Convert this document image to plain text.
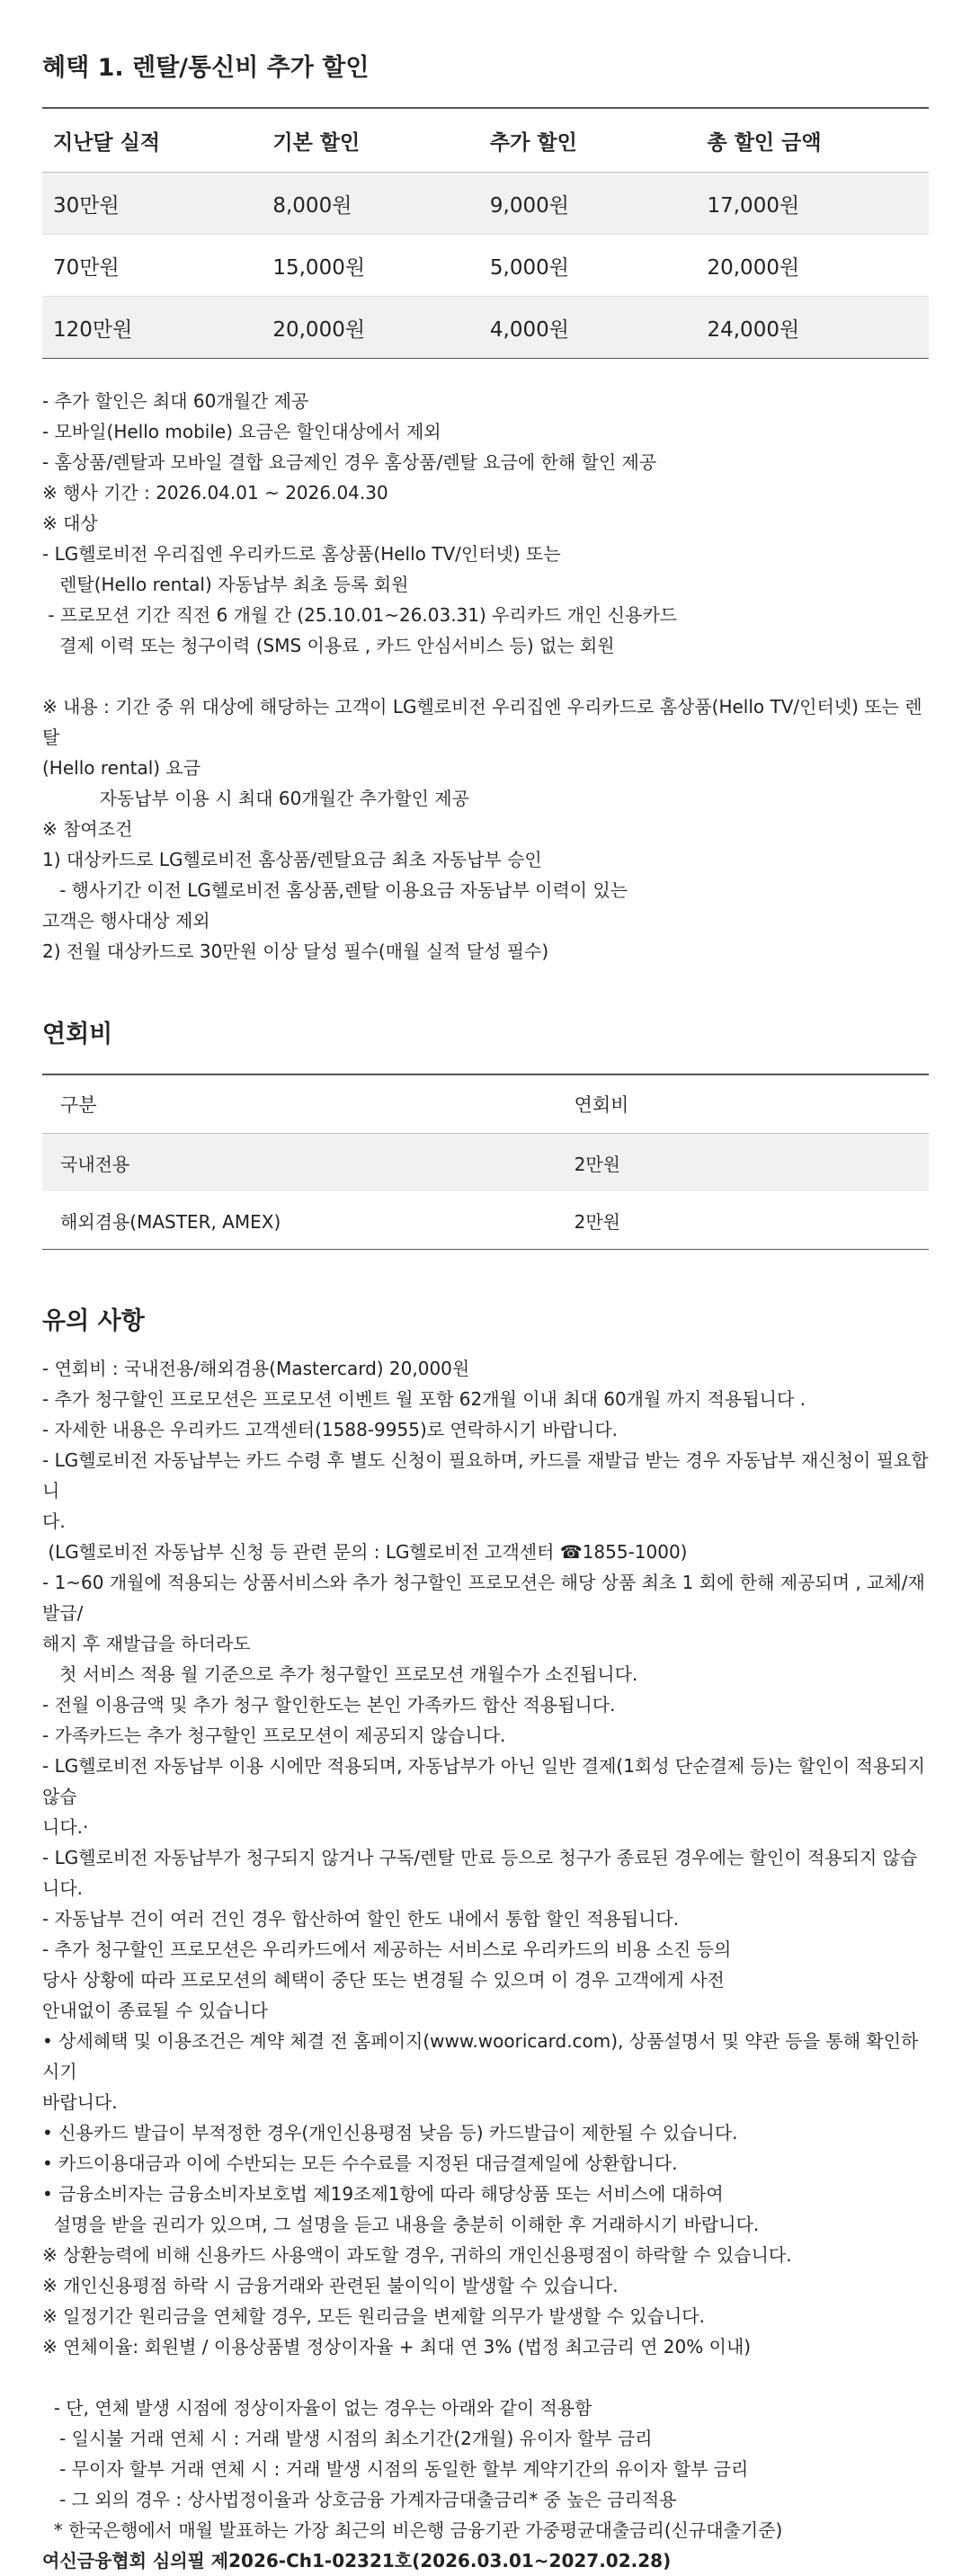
혜택 1. 렌탈/통신비 추가 할인
지난달 실적	기본 할인	추가 할인	총 할인 금액
30만원	8,000원	9,000원	17,000원
70만원	15,000원	5,000원	20,000원
120만원	20,000원	4,000원	24,000원

- 추가 할인은 최대 60개월간 제공

- 모바일(Hello mobile) 요금은 할인대상에서 제외

- 홈상품/렌탈과 모바일 결합 요금제인 경우 홈상품/렌탈 요금에 한해 할인 제공

※ 행사 기간 : 2026.04.01 ~ 2026.04.30

※ 대상

- LG헬로비전 우리집엔 우리카드로 홈상품(Hello TV/인터넷) 또는

렌탈(Hello rental) 자동납부 최초 등록 회원

- 프로모션 기간 직전 6 개월 간 (25.10.01~26.03.31) 우리카드 개인 신용카드

결제 이력 또는 청구이력 (SMS 이용료 , 카드 안심서비스 등) 없는 회원

※ 내용 : 기간 중 위 대상에 해당하는 고객이 LG헬로비전 우리집엔 우리카드로 홈상품(Hello TV/인터넷) 또는 렌탈

(Hello rental) 요금

자동납부 이용 시 최대 60개월간 추가할인 제공

※ 참여조건

1) 대상카드로 LG헬로비전 홈상품/렌탈요금 최초 자동납부 승인

- 행사기간 이전 LG헬로비전 홈상품,렌탈 이용요금 자동납부 이력이 있는

고객은 행사대상 제외

2) 전월 대상카드로 30만원 이상 달성 필수(매월 실적 달성 필수)

연회비
구분	연회비
국내전용	2만원
해외겸용(MASTER, AMEX)	2만원
유의 사항

- 연회비 : 국내전용/해외겸용(Mastercard) 20,000원

- 추가 청구할인 프로모션은 프로모션 이벤트 월 포함 62개월 이내 최대 60개월 까지 적용됩니다 .

- 자세한 내용은 우리카드 고객센터(1588-9955)로 연락하시기 바랍니다.

- LG헬로비전 자동납부는 카드 수령 후 별도 신청이 필요하며, 카드를 재발급 받는 경우 자동납부 재신청이 필요합니

다.

(LG헬로비전 자동납부 신청 등 관련 문의 : LG헬로비전 고객센터 ☎1855-1000)

- 1~60 개월에 적용되는 상품서비스와 추가 청구할인 프로모션은 해당 상품 최초 1 회에 한해 제공되며 , 교체/재발급/

해지 후 재발급을 하더라도

첫 서비스 적용 월 기준으로 추가 청구할인 프로모션 개월수가 소진됩니다.

- 전월 이용금액 및 추가 청구 할인한도는 본인 가족카드 합산 적용됩니다.

- 가족카드는 추가 청구할인 프로모션이 제공되지 않습니다.

- LG헬로비전 자동납부 이용 시에만 적용되며, 자동납부가 아닌 일반 결제(1회성 단순결제 등)는 할인이 적용되지 않습

니다.·

- LG헬로비전 자동납부가 청구되지 않거나 구독/렌탈 만료 등으로 청구가 종료된 경우에는 할인이 적용되지 않습니다.

- 자동납부 건이 여러 건인 경우 합산하여 할인 한도 내에서 통합 할인 적용됩니다.

- 추가 청구할인 프로모션은 우리카드에서 제공하는 서비스로 우리카드의 비용 소진 등의

당사 상황에 따라 프로모션의 혜택이 중단 또는 변경될 수 있으며 이 경우 고객에게 사전

안내없이 종료될 수 있습니다

• 상세혜택 및 이용조건은 계약 체결 전 홈페이지(www.wooricard.com), 상품설명서 및 약관 등을 통해 확인하시기

바랍니다.

• 신용카드 발급이 부적정한 경우(개인신용평점 낮음 등) 카드발급이 제한될 수 있습니다.

• 카드이용대금과 이에 수반되는 모든 수수료를 지정된 대금결제일에 상환합니다.

• 금융소비자는 금융소비자보호법 제19조제1항에 따라 해당상품 또는 서비스에 대하여

설명을 받을 권리가 있으며, 그 설명을 듣고 내용을 충분히 이해한 후 거래하시기 바랍니다.

※ 상환능력에 비해 신용카드 사용액이 과도할 경우, 귀하의 개인신용평점이 하락할 수 있습니다.

※ 개인신용평점 하락 시 금융거래와 관련된 불이익이 발생할 수 있습니다.

※ 일정기간 원리금을 연체할 경우, 모든 원리금을 변제할 의무가 발생할 수 있습니다.

※ 연체이율: 회원별 / 이용상품별 정상이자율 + 최대 연 3% (법정 최고금리 연 20% 이내)

- 단, 연체 발생 시점에 정상이자율이 없는 경우는 아래와 같이 적용함

- 일시불 거래 연체 시 : 거래 발생 시점의 최소기간(2개월) 유이자 할부 금리

- 무이자 할부 거래 연체 시 : 거래 발생 시점의 동일한 할부 계약기간의 유이자 할부 금리

- 그 외의 경우 : 상사법정이율과 상호금융 가계자금대출금리* 중 높은 금리적용

* 한국은행에서 매월 발표하는 가장 최근의 비은행 금융기관 가중평균대출금리(신규대출기준)

여신금융협회 심의필 제2026-Ch1-02321호(2026.03.01~2027.02.28)
